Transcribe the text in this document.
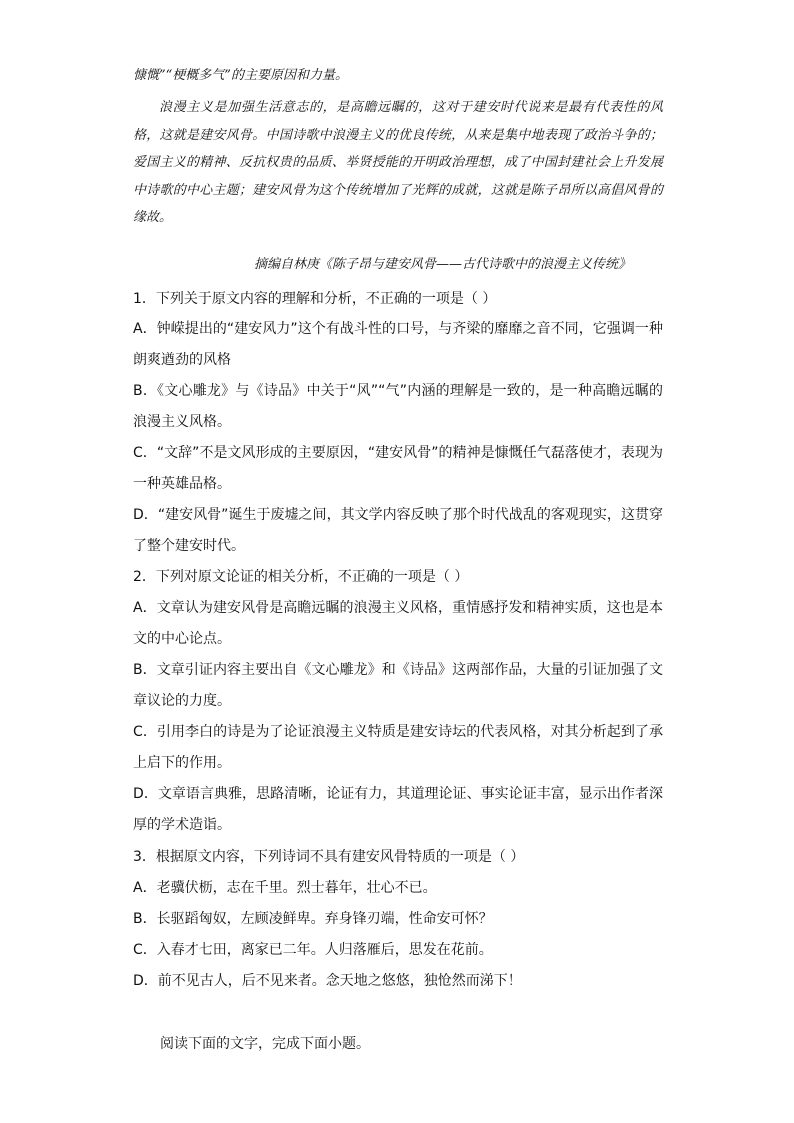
慷慨”“梗概多气”的主要原因和力量。
浪漫主义是加强生活意志的，是高瞻远瞩的，这对于建安时代说来是最有代表性的风格，这就是建安风骨。中国诗歌中浪漫主义的优良传统，从来是集中地表现了政治斗争的；爱国主义的精神、反抗权贵的品质、举贤授能的开明政治理想，成了中国封建社会上升发展中诗歌的中心主题；建安风骨为这个传统增加了光辉的成就，这就是陈子昂所以高倡风骨的缘故。
摘编自林庚《陈子昂与建安风骨——古代诗歌中的浪漫主义传统》
1．下列关于原文内容的理解和分析，不正确的一项是（ ）
A．钟嵘提出的“建安风力”这个有战斗性的口号，与齐梁的靡靡之音不同，它强调一种朗爽遒劲的风格
B．《文心雕龙》与《诗品》中关于“风”“气”内涵的理解是一致的，是一种高瞻远瞩的浪漫主义风格。
C．“文辞”不是文风形成的主要原因，“建安风骨”的精神是慷慨任气磊落使才，表现为一种英雄品格。
D．“建安风骨”诞生于废墟之间，其文学内容反映了那个时代战乱的客观现实，这贯穿了整个建安时代。
2．下列对原文论证的相关分析，不正确的一项是（ ）
A．文章认为建安风骨是高瞻远瞩的浪漫主义风格，重情感抒发和精神实质，这也是本文的中心论点。
B．文章引证内容主要出自《文心雕龙》和《诗品》这两部作品，大量的引证加强了文章议论的力度。
C．引用李白的诗是为了论证浪漫主义特质是建安诗坛的代表风格，对其分析起到了承上启下的作用。
D．文章语言典雅，思路清晰，论证有力，其道理论证、事实论证丰富，显示出作者深厚的学术造诣。
3．根据原文内容，下列诗词不具有建安风骨特质的一项是（ ）
A．老骥伏枥，志在千里。烈士暮年，壮心不已。
B．长驱蹈匈奴，左顾凌鲜卑。弃身锋刃端，性命安可怀？
C．入春才七田，离家已二年。人归落雁后，思发在花前。
D．前不见古人，后不见来者。念天地之悠悠，独怆然而涕下！
阅读下面的文字，完成下面小题。
